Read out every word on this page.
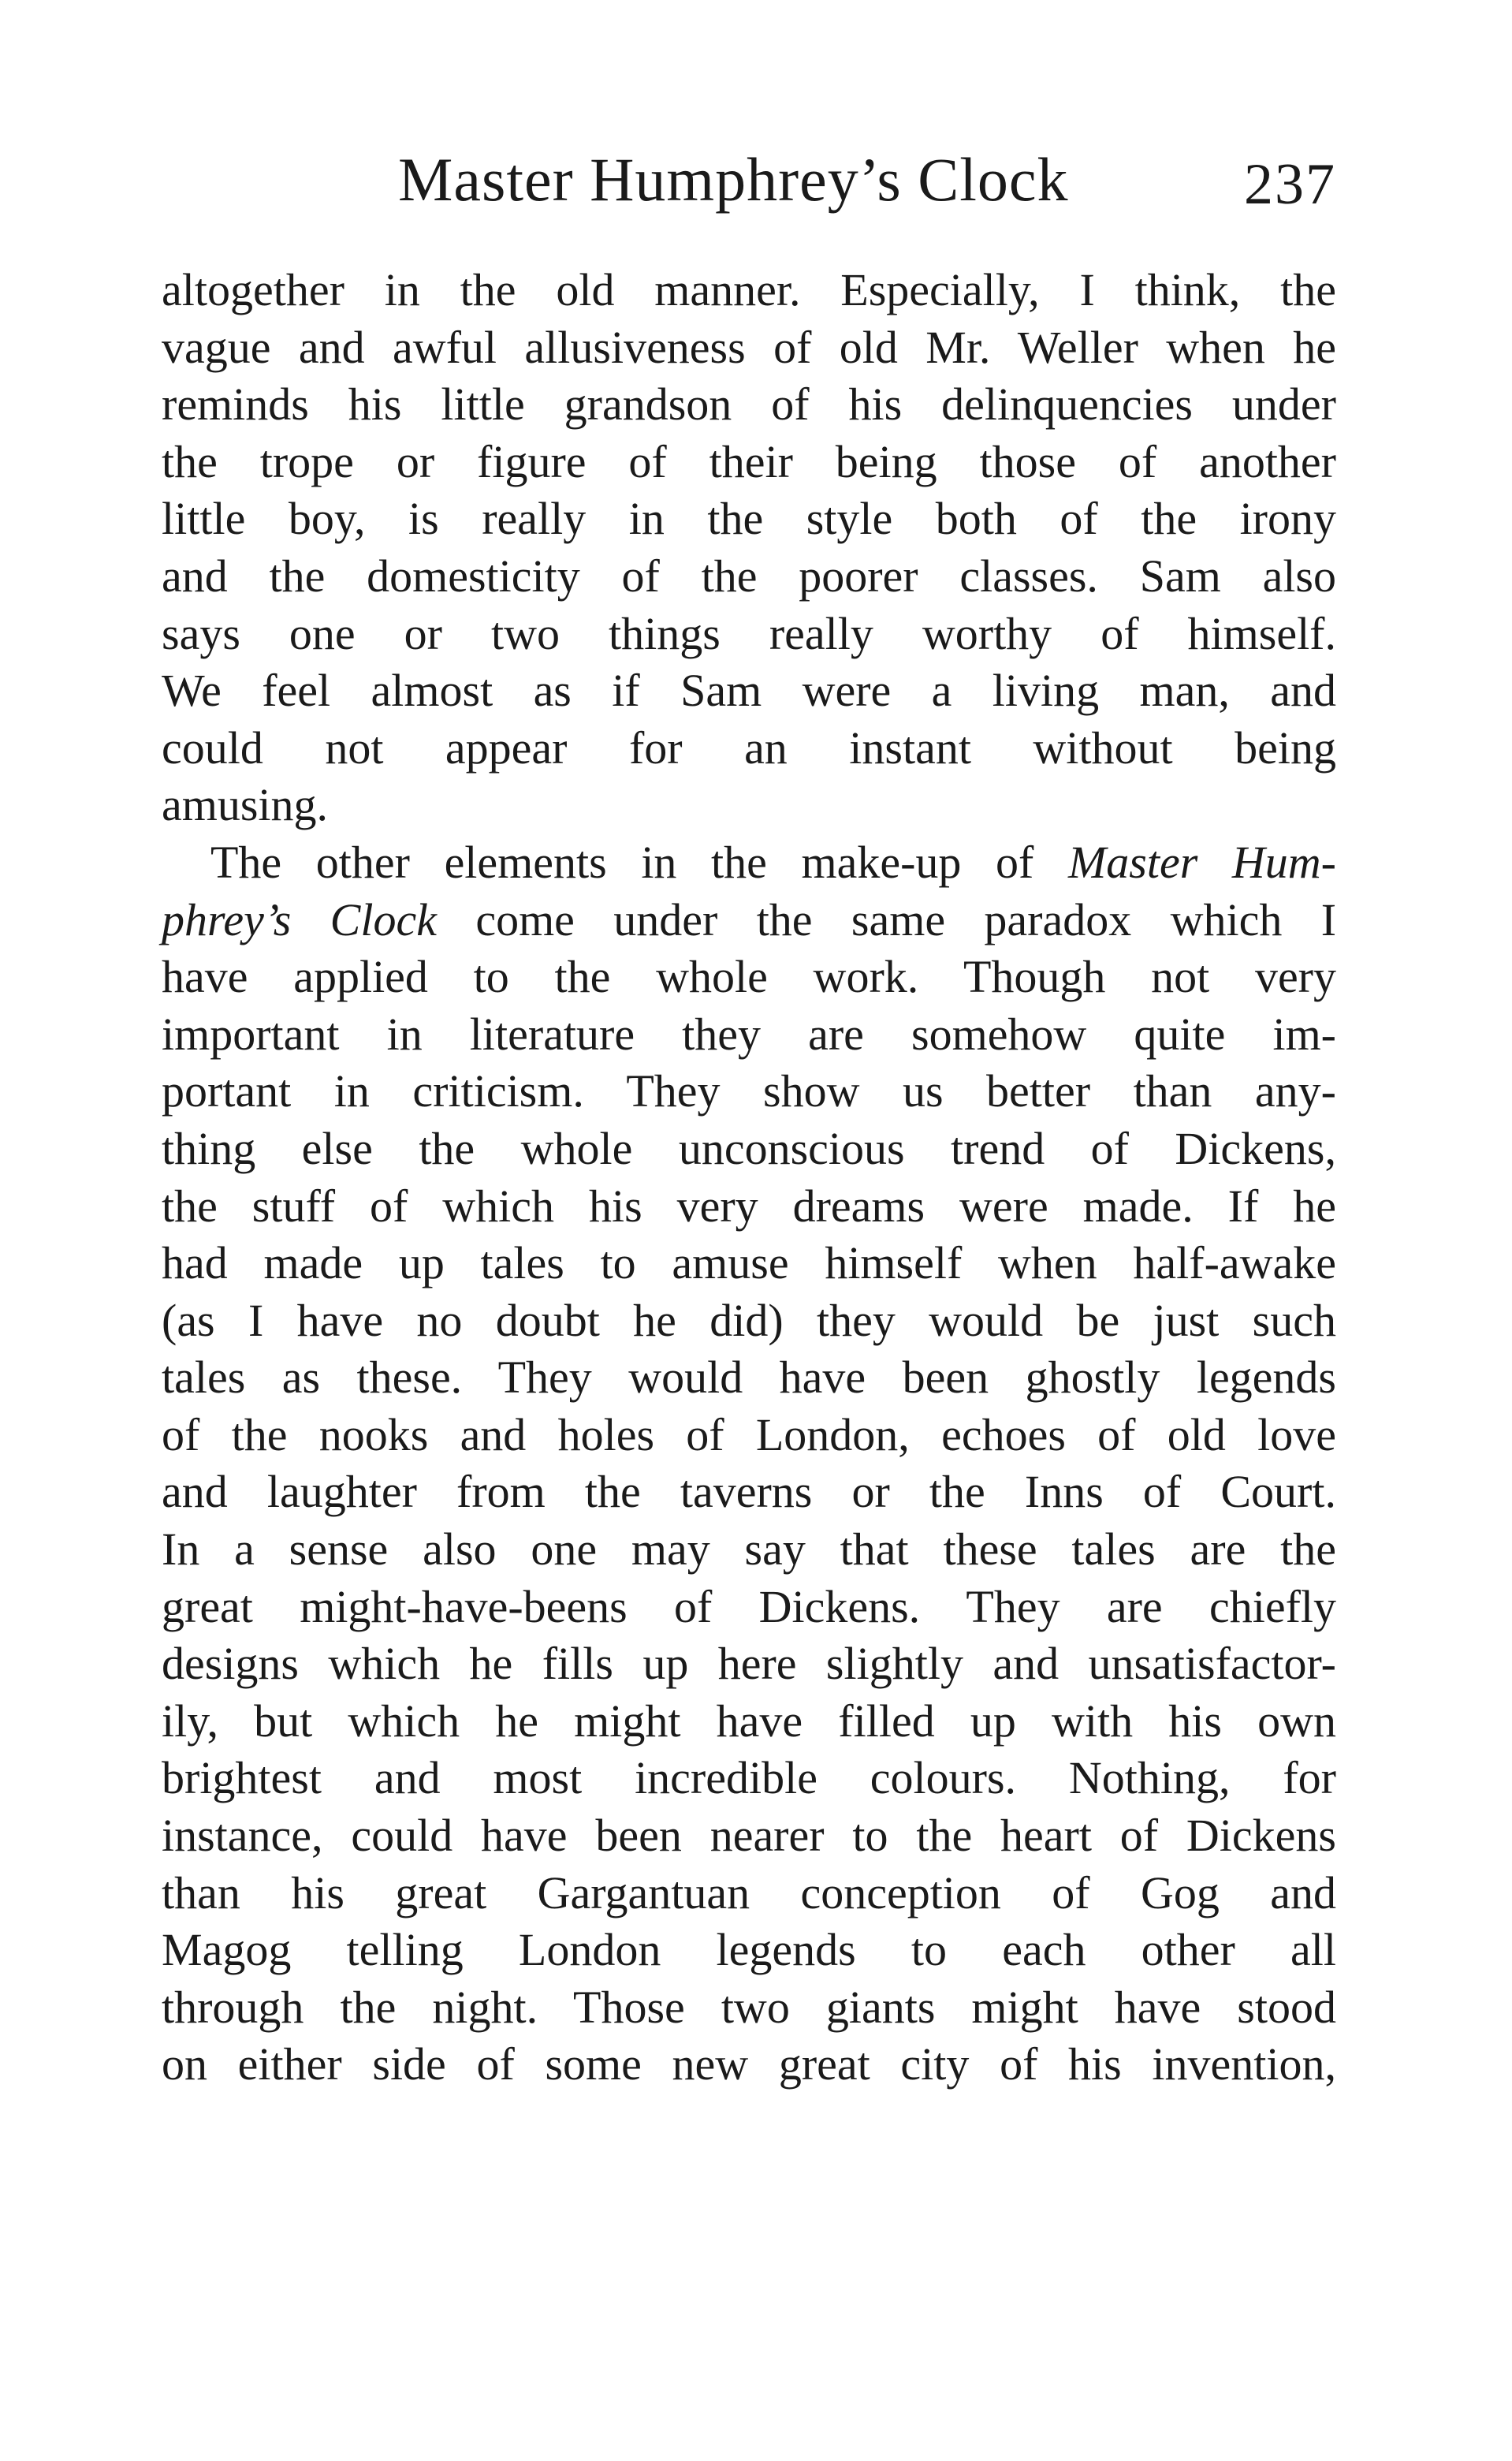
Master Humphrey’s Clock	237
altogether in the old manner. Especially, I think, the
vague and awful allusiveness of old Mr. Weller when he
reminds his little grandson of his delinquencies under
the trope or figure of their being those of another
little boy, is really in the style both of the irony
and the domesticity of the poorer classes. Sam also
says one or two things really worthy of himself.
We feel almost as if Sam were a living man, and
could not appear for an instant without being
amusing.
The other elements in the make-up of Master Hum-
phrey’s Clock come under the same paradox which I
have applied to the whole work. Though not very
important in literature they are somehow quite im-
portant in criticism. They show us better than any-
thing else the whole unconscious trend of Dickens,
the stuff of which his very dreams were made. If he
had made up tales to amuse himself when half-awake
(as I have no doubt he did) they would be just such
tales as these. They would have been ghostly legends
of the nooks and holes of London, echoes of old love
and laughter from the taverns or the Inns of Court.
In a sense also one may say that these tales are the
great might-have-beens of Dickens. They are chiefly
designs which he fills up here slightly and unsatisfactor-
ily, but which he might have filled up with his own
brightest and most incredible colours. Nothing, for
instance, could have been nearer to the heart of Dickens
than his great Gargantuan conception of Gog and
Magog telling London legends to each other all
through the night. Those two giants might have stood
on either side of some new great city of his invention,
